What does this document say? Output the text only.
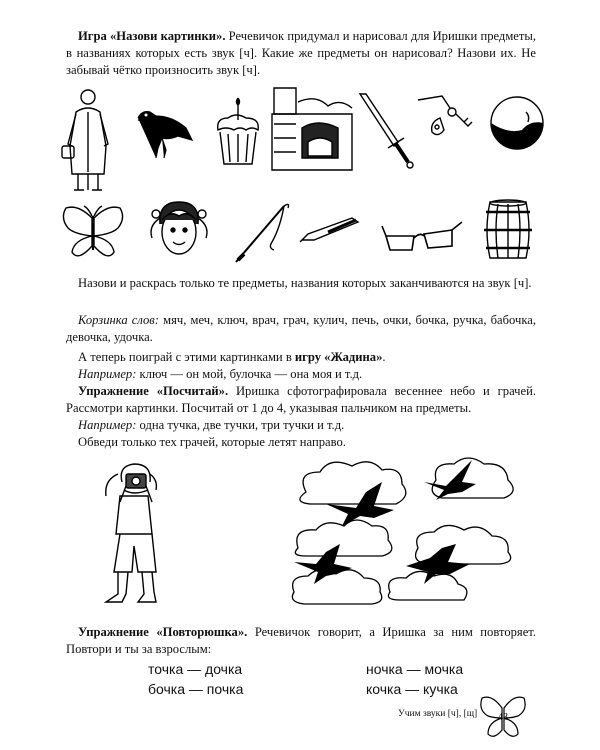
Игра «Назови картинки». Речевичок придумал и нарисовал для Иришки предметы, в названиях которых есть звук [ч]. Какие же предметы он нарисовал? Назови их. Не забывай чётко произносить звук [ч].

Назови и раскрась только те предметы, названия которых заканчиваются на звук [ч].

Корзинка слов: мяч, меч, ключ, врач, грач, кулич, печь, очки, бочка, ручка, бабочка, девочка, удочка.

А теперь поиграй с этими картинками в игру «Жадина».

Например: ключ — он мой, булочка — она моя и т.д.

Упражнение «Посчитай». Иришка сфотографировала весеннее небо и грачей. Рассмотри картинки. Посчитай от 1 до 4, указывая пальчиком на предметы.

Например: одна тучка, две тучки, три тучки и т.д.

Обведи только тех грачей, которые летят направо.

Упражнение «Повторюшка». Речевичок говорит, а Иришка за ним повторяет. Повтори и ты за взрослым:

точка — дочка
бочка — почка
ночка — мочка
кочка — кучка
Учим звуки [ч], [щ] 43
